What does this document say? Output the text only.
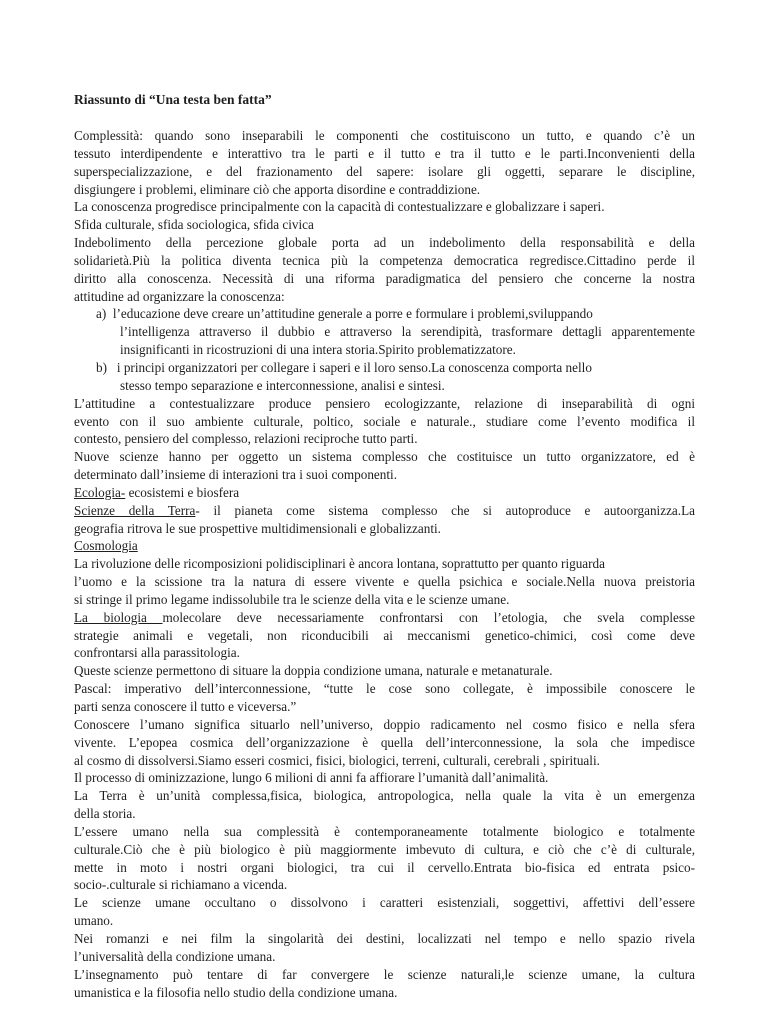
Riassunto di “Una testa ben fatta”
Complessità: quando sono inseparabili le componenti che costituiscono un tutto, e quando c’è un
tessuto interdipendente e interattivo tra le parti e il tutto e tra il tutto e le parti.Inconvenienti della
superspecializzazione, e del frazionamento del sapere: isolare gli oggetti, separare le discipline,
disgiungere i problemi, eliminare ciò che apporta disordine e contraddizione.
La conoscenza progredisce principalmente con la capacità di contestualizzare e globalizzare i saperi.
Sfida culturale, sfida sociologica, sfida civica
Indebolimento della percezione globale porta ad un indebolimento della responsabilità e della
solidarietà.Più la politica diventa tecnica più la competenza democratica regredisce.Cittadino perde il
diritto alla conoscenza. Necessità di una riforma paradigmatica del pensiero che concerne la nostra
attitudine ad organizzare la conoscenza:
a)  l’educazione deve creare un’attitudine generale a porre e formulare i problemi,sviluppando
l’intelligenza attraverso il dubbio e attraverso la serendipità, trasformare dettagli apparentemente
insignificanti in ricostruzioni di una intera storia.Spirito problematizzatore.
b)   i principi organizzatori per collegare i saperi e il loro senso.La conoscenza comporta nello
stesso tempo separazione e interconnessione, analisi e sintesi.
L’attitudine a contestualizzare produce pensiero ecologizzante, relazione di inseparabilità di ogni
evento con il suo ambiente culturale, poltico, sociale e naturale., studiare come l’evento modifica il
contesto, pensiero del complesso, relazioni reciproche tutto parti.
Nuove scienze hanno per oggetto un sistema complesso che costituisce un tutto organizzatore, ed è
determinato dall’insieme di interazioni tra i suoi componenti.
Ecologia- ecosistemi e biosfera
Scienze della Terra- il pianeta come sistema complesso che si autoproduce e autoorganizza.La
geografia ritrova le sue prospettive multidimensionali e globalizzanti.
Cosmologia
La rivoluzione delle ricomposizioni polidisciplinari è ancora lontana, soprattutto per quanto riguarda
l’uomo e la scissione tra la natura di essere vivente e quella psichica e sociale.Nella nuova preistoria
si stringe il primo legame indissolubile tra le scienze della vita e le scienze umane.
La biologia molecolare deve necessariamente confrontarsi con l’etologia, che svela complesse
strategie animali e vegetali, non riconducibili ai meccanismi genetico-chimici, così come deve
confrontarsi alla parassitologia.
Queste scienze permettono di situare la doppia condizione umana, naturale e metanaturale.
Pascal: imperativo dell’interconnessione, “tutte le cose sono collegate, è impossibile conoscere le
parti senza conoscere il tutto e viceversa.”
Conoscere l’umano significa situarlo nell’universo, doppio radicamento nel cosmo fisico e nella sfera
vivente. L’epopea cosmica dell’organizzazione è quella dell’interconnessione, la sola che impedisce
al cosmo di dissolversi.Siamo esseri cosmici, fisici, biologici, terreni, culturali, cerebrali , spirituali.
Il processo di ominizzazione, lungo 6 milioni di anni fa affiorare l’umanità dall’animalità.
La Terra è un’unità complessa,fisica, biologica, antropologica, nella quale la vita è un emergenza
della storia.
L’essere umano nella sua complessità è contemporaneamente totalmente biologico e totalmente
culturale.Ciò che è più biologico è più maggiormente imbevuto di cultura, e ciò che c’è di culturale,
mette in moto i nostri organi biologici, tra cui il cervello.Entrata bio-fisica ed entrata psico-
socio-.culturale si richiamano a vicenda.
Le scienze umane occultano o dissolvono i caratteri esistenziali, soggettivi, affettivi dell’essere
umano.
Nei romanzi e nei film la singolarità dei destini, localizzati nel tempo e nello spazio rivela
l’universalità della condizione umana.
L’insegnamento può tentare di far convergere le scienze naturali,le scienze umane, la cultura
umanistica e la filosofia nello studio della condizione umana.
